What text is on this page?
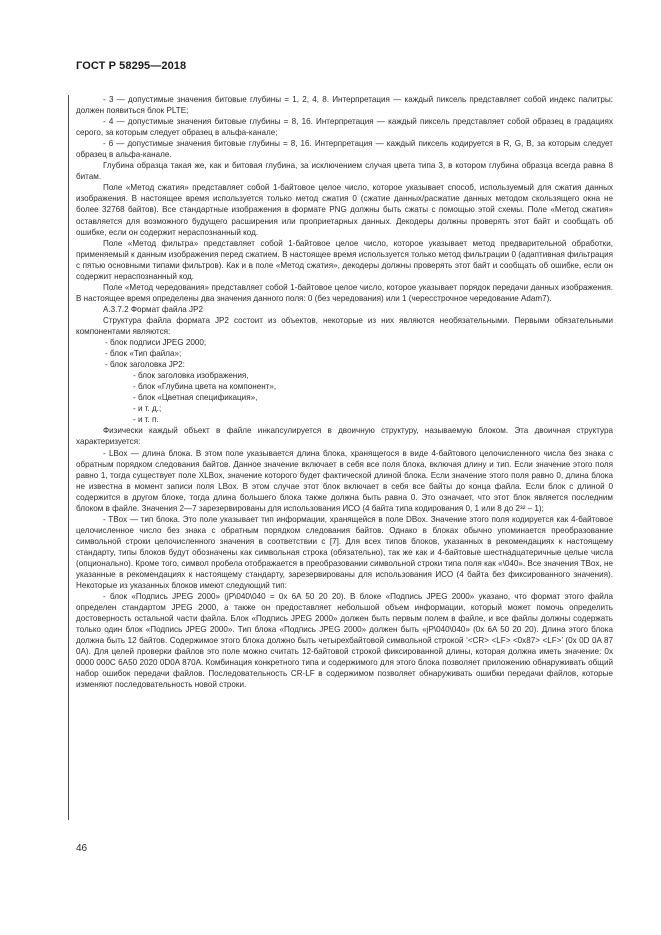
ГОСТ Р 58295—2018

- 3 — допустимые значения битовые глубины = 1, 2, 4, 8. Интерпретация — каждый пиксель представляет собой индекс палитры: должен появиться блок PLTE;

- 4 — допустимые значения битовые глубины = 8, 16. Интерпретация — каждый пиксель представляет собой образец в градациях серого, за которым следует образец в альфа-канале;

- 6 — допустимые значения битовые глубины = 8, 16. Интерпретация — каждый пиксель кодируется в R, G, B, за которым следует образец в альфа-канале.

Глубина образца такая же, как и битовая глубина, за исключением случая цвета типа 3, в котором глубина образца всегда равна 8 битам.

Поле «Метод сжатия» представляет собой 1-байтовое целое число, которое указывает способ, используемый для сжатия данных изображения. В настоящее время используется только метод сжатия 0 (сжатие данных/расжатие данных методом скользящего окна не более 32768 байтов). Все стандартные изображения в формате PNG должны быть сжаты с помощью этой схемы. Поле «Метод сжатия» оставляется для возможного будущего расширения или проприетарных данных. Декодеры должны проверять этот байт и сообщать об ошибке, если он содержит нераспознанный код.

Поле «Метод фильтра» представляет собой 1-байтовое целое число, которое указывает метод предварительной обработки, применяемый к данным изображения перед сжатием. В настоящее время используется только метод фильтрации 0 (адаптивная фильтрация с пятью основными типами фильтров). Как и в поле «Метод сжатия», декодеры должны проверять этот байт и сообщать об ошибке, если он содержит нераспознанный код.

Поле «Метод чередования» представляет собой 1-байтовое целое число, которое указывает порядок передачи данных изображения. В настоящее время определены два значения данного поля: 0 (без чередования) или 1 (чересстрочное чередование Adam7).

А.3.7.2 Формат файла JP2

Структура файла формата JP2 состоит из объектов, некоторые из них являются необязательными. Первыми обязательными компонентами являются:

- блок подписи JPEG 2000;

- блок «Тип файла»;

- блок заголовка JP2:

- блок заголовка изображения,

- блок «Глубина цвета на компонент»,

- блок «Цветная спецификация»,

- и т. д.;

- и т. п.

Физически каждый объект в файле инкапсулируется в двоичную структуру, называемую блоком. Эта двоичная структура характеризуется:

- LBox — длина блока. В этом поле указывается длина блока, хранящегося в виде 4-байтового целочисленного числа без знака с обратным порядком следования байтов. Данное значение включает в себя все поля блока, включая длину и тип. Если значение этого поля равно 1, тогда существует поле XLBox, значение которого будет фактической длиной блока. Если значение этого поля равно 0, длина блока не известна в момент записи поля LBox. В этом случае этот блок включает в себя все байты до конца файла. Если блок с длиной 0 содержится в другом блоке, тогда длина большего блока также должна быть равна 0. Это означает, что этот блок является последним блоком в файле. Значения 2—7 зарезервированы для использования ИСО (4 байта типа кодирования 0, 1 или 8 до 2³² – 1);

- TBox — тип блока. Это поле указывает тип информации, хранящейся в поле DBox. Значение этого поля кодируется как 4-байтовое целочисленное число без знака с обратным порядком следования байтов. Однако в блоках обычно упоминается преобразование символьной строки целочисленного значения в соответствии с [7]. Для всех типов блоков, указанных в рекомендациях к настоящему стандарту, типы блоков будут обозначены как символьная строка (обязательно), так же как и 4-байтовые шестнадцатеричные целые числа (опционально). Кроме того, символ пробела отображается в преобразовании символьной строки типа поля как «\040». Все значения TBox, не указанные в рекомендациях к настоящему стандарту, зарезервированы для использования ИСО (4 байта без фиксированного значения). Некоторые из указанных блоков имеют следующий тип:

- блок «Подпись JPEG 2000» (jP\040\040 = 0x 6A 50 20 20). В блоке «Подпись JPEG 2000» указано, что формат этого файла определен стандартом JPEG 2000, а также он предоставляет небольшой объем информации, который может помочь определить достоверность остальной части файла. Блок «Подпись JPEG 2000» должен быть первым полем в файле, и все файлы должны содержать только один блок «Подпись JPEG 2000». Тип блока «Подпись JPEG 2000» должен быть «jP\040\040» (0x 6A 50 20 20). Длина этого блока должна быть 12 байтов. Содержимое этого блока должно быть четырехбайтовой символьной строкой ‘<CR> <LF> <0x87> <LF>’ (0x 0D 0A 87 0A). Для целей проверки файлов это поле можно считать 12-байтовой строкой фиксированной длины, которая должна иметь значение: 0x 0000 000C 6A50 2020 0D0A 870A. Комбинация конкретного типа и содержимого для этого блока позволяет приложению обнаруживать общий набор ошибок передачи файлов. Последовательность CR-LF в содержимом позволяет обнаруживать ошибки передачи файлов, которые изменяют последовательность новой строки.

46
